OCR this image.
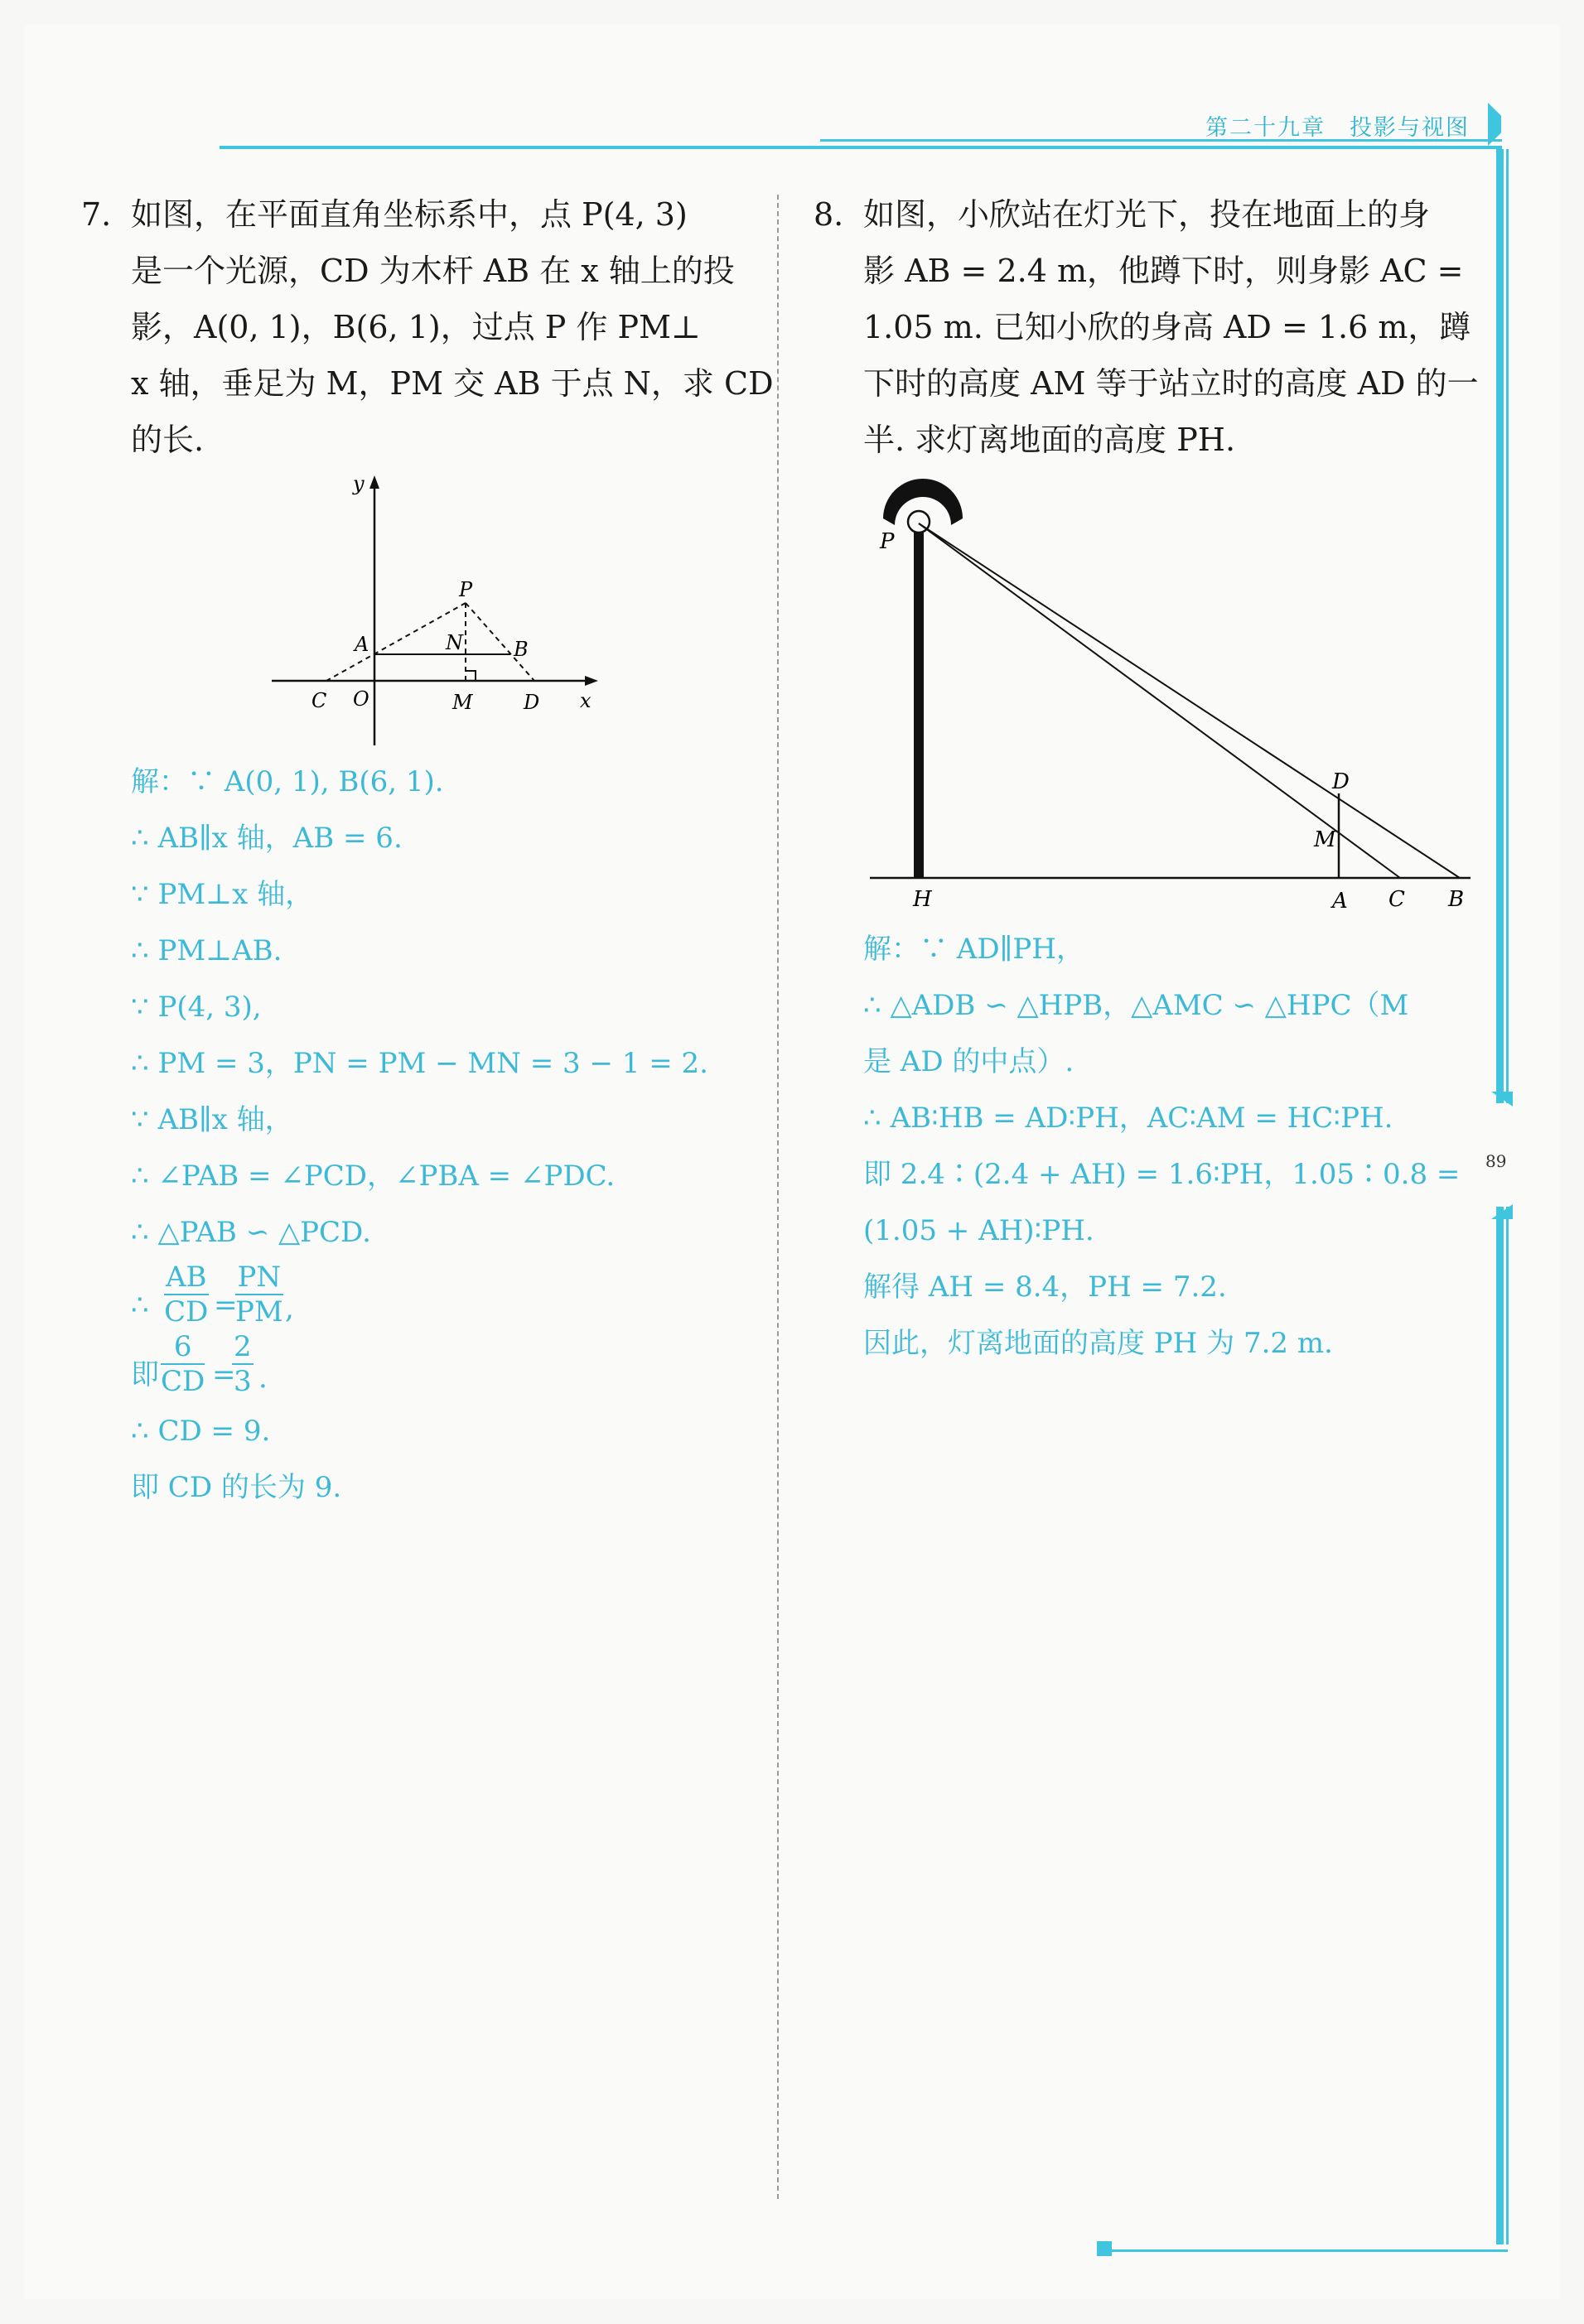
第二十九章　投影与视图
89
7. 如图，在平面直角坐标系中，点 P(4, 3)
是一个光源，CD 为木杆 AB 在 x 轴上的投
影，A(0, 1)，B(6, 1)，过点 P 作 PM⊥
x 轴，垂足为 M，PM 交 AB 于点 N，求 CD
的长.
y
x
P
A	N	B
C O	M	D
解：∵ A(0, 1), B(6, 1).
∴ AB∥x 轴，AB = 6.
∵ PM⊥x 轴，
∴ PM⊥AB.
∵ P(4, 3),
∴ PM = 3，PN = PM − MN = 3 − 1 = 2.
∵ AB∥x 轴，
∴ ∠PAB = ∠PCD，∠PBA = ∠PDC.
∴ △PAB ∽ △PCD.
∴ $\frac{AB}{CD}$ =
$\frac{PN}{PM}$ ,
即 $\frac{6}{CD}$ =
$\frac{2}{3}$ .
∴ CD = 9.
即 CD 的长为 9.
8. 如图，小欣站在灯光下，投在地面上的身
影 AB = 2.4 m，他蹲下时，则身影 AC =
1.05 m. 已知小欣的身高 AD = 1.6 m，蹲
下时的高度 AM 等于站立时的高度 AD 的一
半. 求灯离地面的高度 PH.
P
H
D
M
A C B
解：∵ AD∥PH，
∴ △ADB ∽ △HPB，△AMC ∽ △HPC（M
是 AD 的中点）.
∴ AB∶HB = AD∶PH，AC∶AM = HC∶PH.
即 2.4∶(2.4 + AH) = 1.6∶PH，1.05∶0.8 =
(1.05 + AH)∶PH.
解得 AH = 8.4，PH = 7.2.
因此，灯离地面的高度 PH 为 7.2 m.
